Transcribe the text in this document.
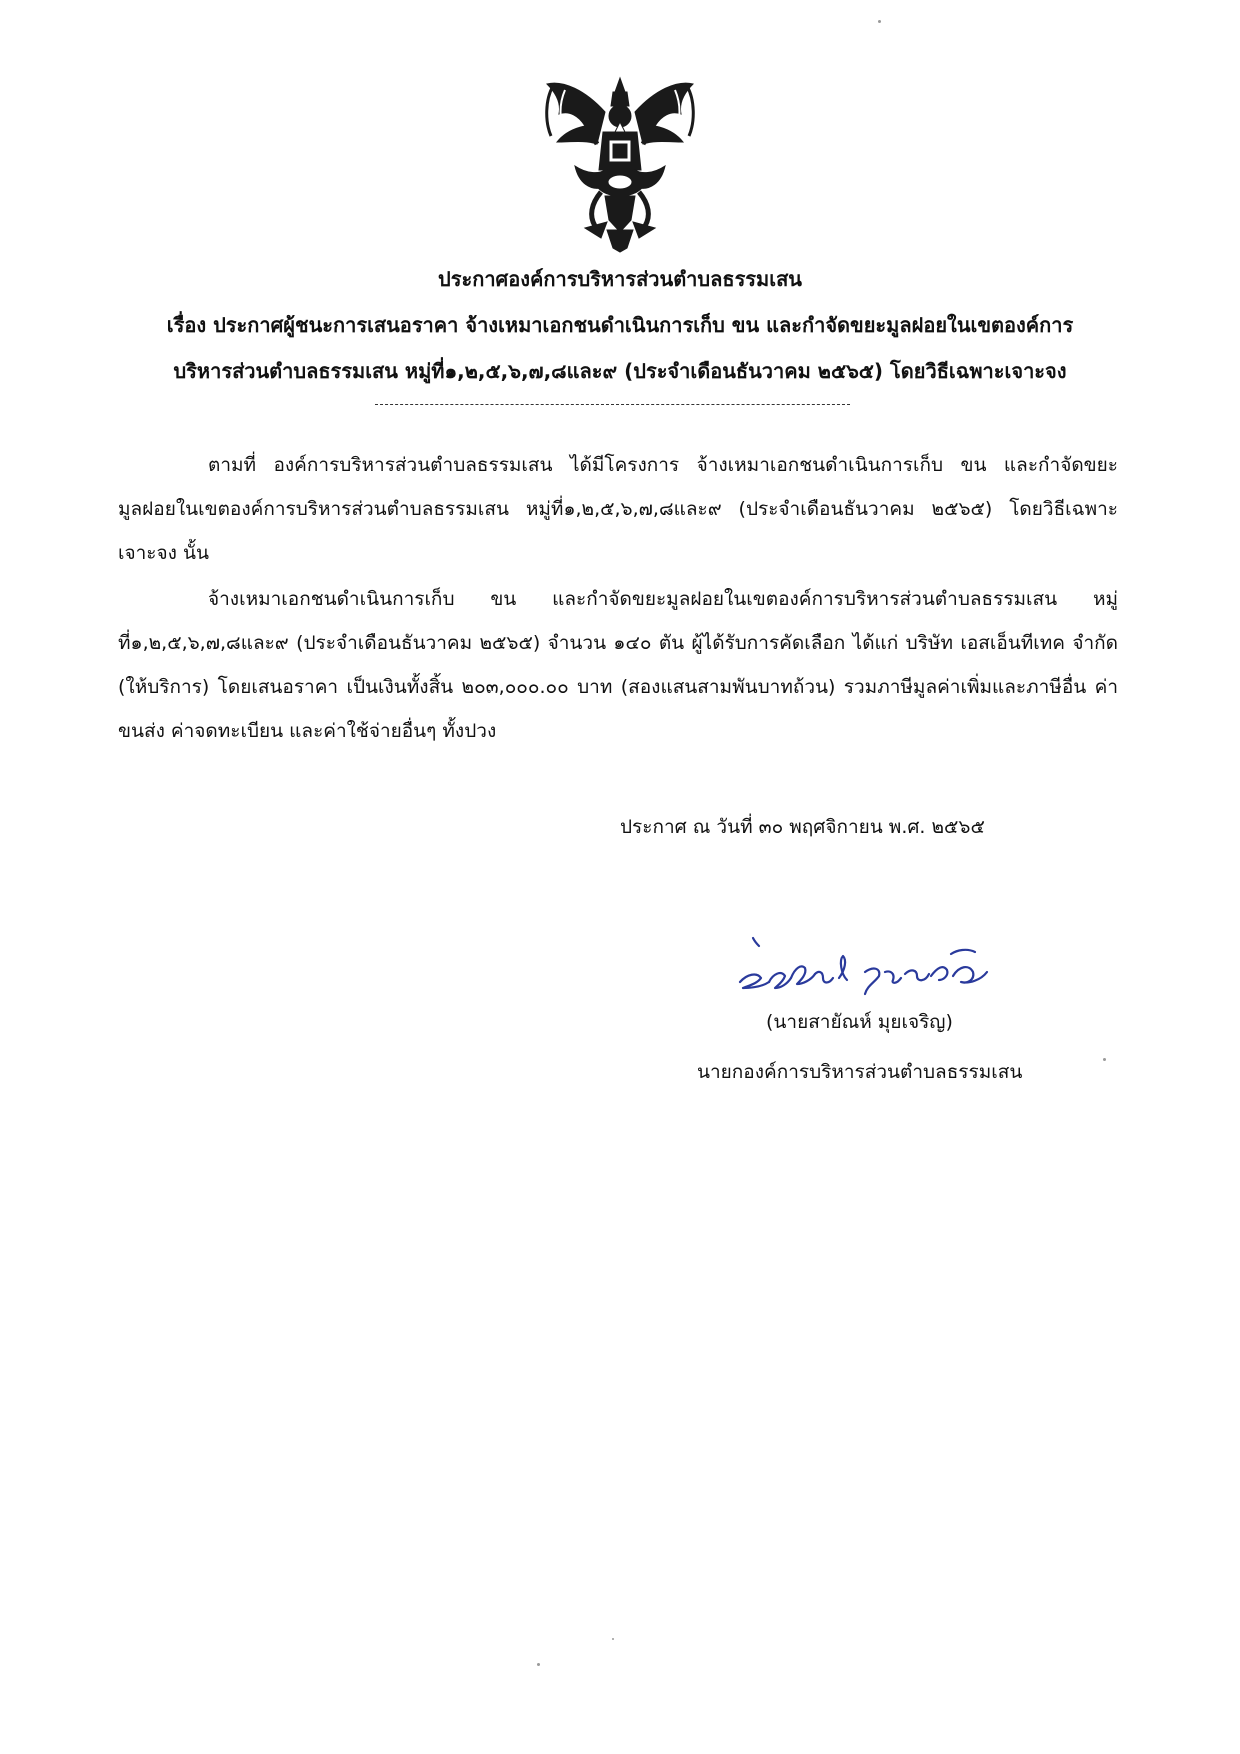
ประกาศองค์การบริหารส่วนตำบลธรรมเสน
เรื่อง ประกาศผู้ชนะการเสนอราคา จ้างเหมาเอกชนดำเนินการเก็บ ขน และกำจัดขยะมูลฝอยในเขตองค์การ
บริหารส่วนตำบลธรรมเสน หมู่ที่๑,๒,๕,๖,๗,๘และ๙ (ประจำเดือนธันวาคม ๒๕๖๕) โดยวิธีเฉพาะเจาะจง
ตามที่ องค์การบริหารส่วนตำบลธรรมเสน ได้มีโครงการ จ้างเหมาเอกชนดำเนินการเก็บ ขน และกำจัดขยะมูลฝอยในเขตองค์การบริหารส่วนตำบลธรรมเสน หมู่ที่๑,๒,๕,๖,๗,๘และ๙ (ประจำเดือนธันวาคม ๒๕๖๕) โดยวิธีเฉพาะเจาะจง นั้น
จ้างเหมาเอกชนดำเนินการเก็บ ขน และกำจัดขยะมูลฝอยในเขตองค์การบริหารส่วนตำบลธรรมเสน หมู่ที่๑,๒,๕,๖,๗,๘และ๙ (ประจำเดือนธันวาคม ๒๕๖๕) จำนวน ๑๔๐ ตัน ผู้ได้รับการคัดเลือก ได้แก่ บริษัท เอสเอ็นทีเทค จำกัด (ให้บริการ) โดยเสนอราคา เป็นเงินทั้งสิ้น ๒๐๓,๐๐๐.๐๐ บาท (สองแสนสามพันบาทถ้วน) รวมภาษีมูลค่าเพิ่มและภาษีอื่น ค่าขนส่ง ค่าจดทะเบียน และค่าใช้จ่ายอื่นๆ ทั้งปวง
ประกาศ ณ วันที่ ๓๐ พฤศจิกายน พ.ศ. ๒๕๖๕
(นายสายัณห์ มุยเจริญ)
นายกองค์การบริหารส่วนตำบลธรรมเสน
